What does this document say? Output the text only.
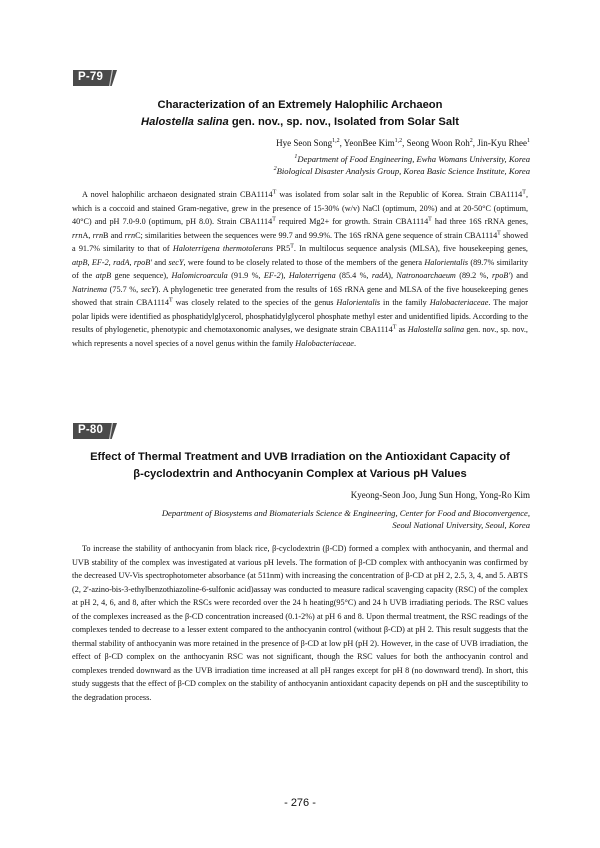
P-79
Characterization of an Extremely Halophilic Archaeon
Halostella salina gen. nov., sp. nov., Isolated from Solar Salt
Hye Seon Song$^{1,2}$, YeonBee Kim$^{1,2}$, Seong Woon Roh$^2$, Jin-Kyu Rhee$^1$
$^1$Department of Food Engineering, Ewha Womans University, Korea
$^2$Biological Disaster Analysis Group, Korea Basic Science Institute, Korea
A novel halophilic archaeon designated strain $CBA1114^T$ was isolated from solar salt in the Republic of Korea. Strain $CBA1114^T$, which is a coccoid and stained Gram-negative, grew in the presence of 15-30% (w/v) NaCl (optimum, 20%) and at 20-50°C (optimum, 40°C) and pH 7.0-9.0 (optimum, pH 8.0). Strain $CBA1114^T$ required Mg2+ for growth. Strain $CBA1114^T$ had three 16S rRNA genes, rrnA, rrnB and rrnC; similarities between the sequences were 99.7 and 99.9%. The 16S rRNA gene sequence of strain $CBA1114^T$ showed a 91.7% similarity to that of Haloterrigena thermotolerans $PR5^T$. In multilocus sequence analysis (MLSA), five housekeeping genes, atpB, EF-2, radA, rpoB' and secY, were found to be closely related to those of the members of the genera Halorientalis (89.7% similarity of the atpB gene sequence), Halomicroarcula (91.9 %, EF-2), Haloterrigena (85.4 %, radA), Natronoarchaeum (89.2 %, rpoB') and Natrinema (75.7 %, secY). A phylogenetic tree generated from the results of 16S rRNA gene and MLSA of the five housekeeping genes showed that strain $CBA1114^T$ was closely related to the species of the genus Halorientalis in the family Halobacteriaceae. The major polar lipids were identified as phosphatidylglycerol, phosphatidylglycerol phosphate methyl ester and unidentified lipids. According to the results of phylogenetic, phenotypic and chemotaxonomic analyses, we designate strain $CBA1114^T$ as Halostella salina gen. nov., sp. nov., which represents a novel species of a novel genus within the family Halobacteriaceae.
P-80
Effect of Thermal Treatment and UVB Irradiation on the Antioxidant Capacity of
β-cyclodextrin and Anthocyanin Complex at Various pH Values
Kyeong-Seon Joo, Jung Sun Hong, Yong-Ro Kim
Department of Biosystems and Biomaterials Science & Engineering, Center for Food and Bioconvergence,
Seoul National University, Seoul, Korea
To increase the stability of anthocyanin from black rice, β-cyclodextrin (β-CD) formed a complex with anthocyanin, and thermal and UVB stability of the complex was investigated at various pH levels. The formation of β-CD complex with anthocyanin was confirmed by the decreased UV-Vis spectrophotometer absorbance (at 511nm) with increasing the concentration of β-CD at pH 2, 2.5, 3, 4, and 5. ABTS (2, 2'-azino-bis-3-ethylbenzothiazoline-6-sulfonic acid)assay was conducted to measure radical scavenging capacity (RSC) of the complex at pH 2, 4, 6, and 8, after which the RSCs were recorded over the 24 h heating(95°C) and 24 h UVB irradiating periods. The RSC values of the complexes increased as the β-CD concentration increased (0.1-2%) at pH 6 and 8. Upon thermal treatment, the RSC readings of the complexes tended to decrease to a lesser extent compared to the anthocyanin control (without β-CD) at pH 2. This result suggests that the thermal stability of anthocyanin was more retained in the presence of β-CD at low pH (pH 2). However, in the case of UVB irradiation, the effect of β-CD complex on the anthocyanin RSC was not significant, though the RSC values for both the anthocyanin control and complexes trended downward as the UVB irradiation time increased at all pH ranges except for pH 8 (no downward trend). In short, this study suggests that the effect of β-CD complex on the stability of anthocyanin antioxidant capacity depends on pH and the susceptibility to the degradation process.
- 276 -
